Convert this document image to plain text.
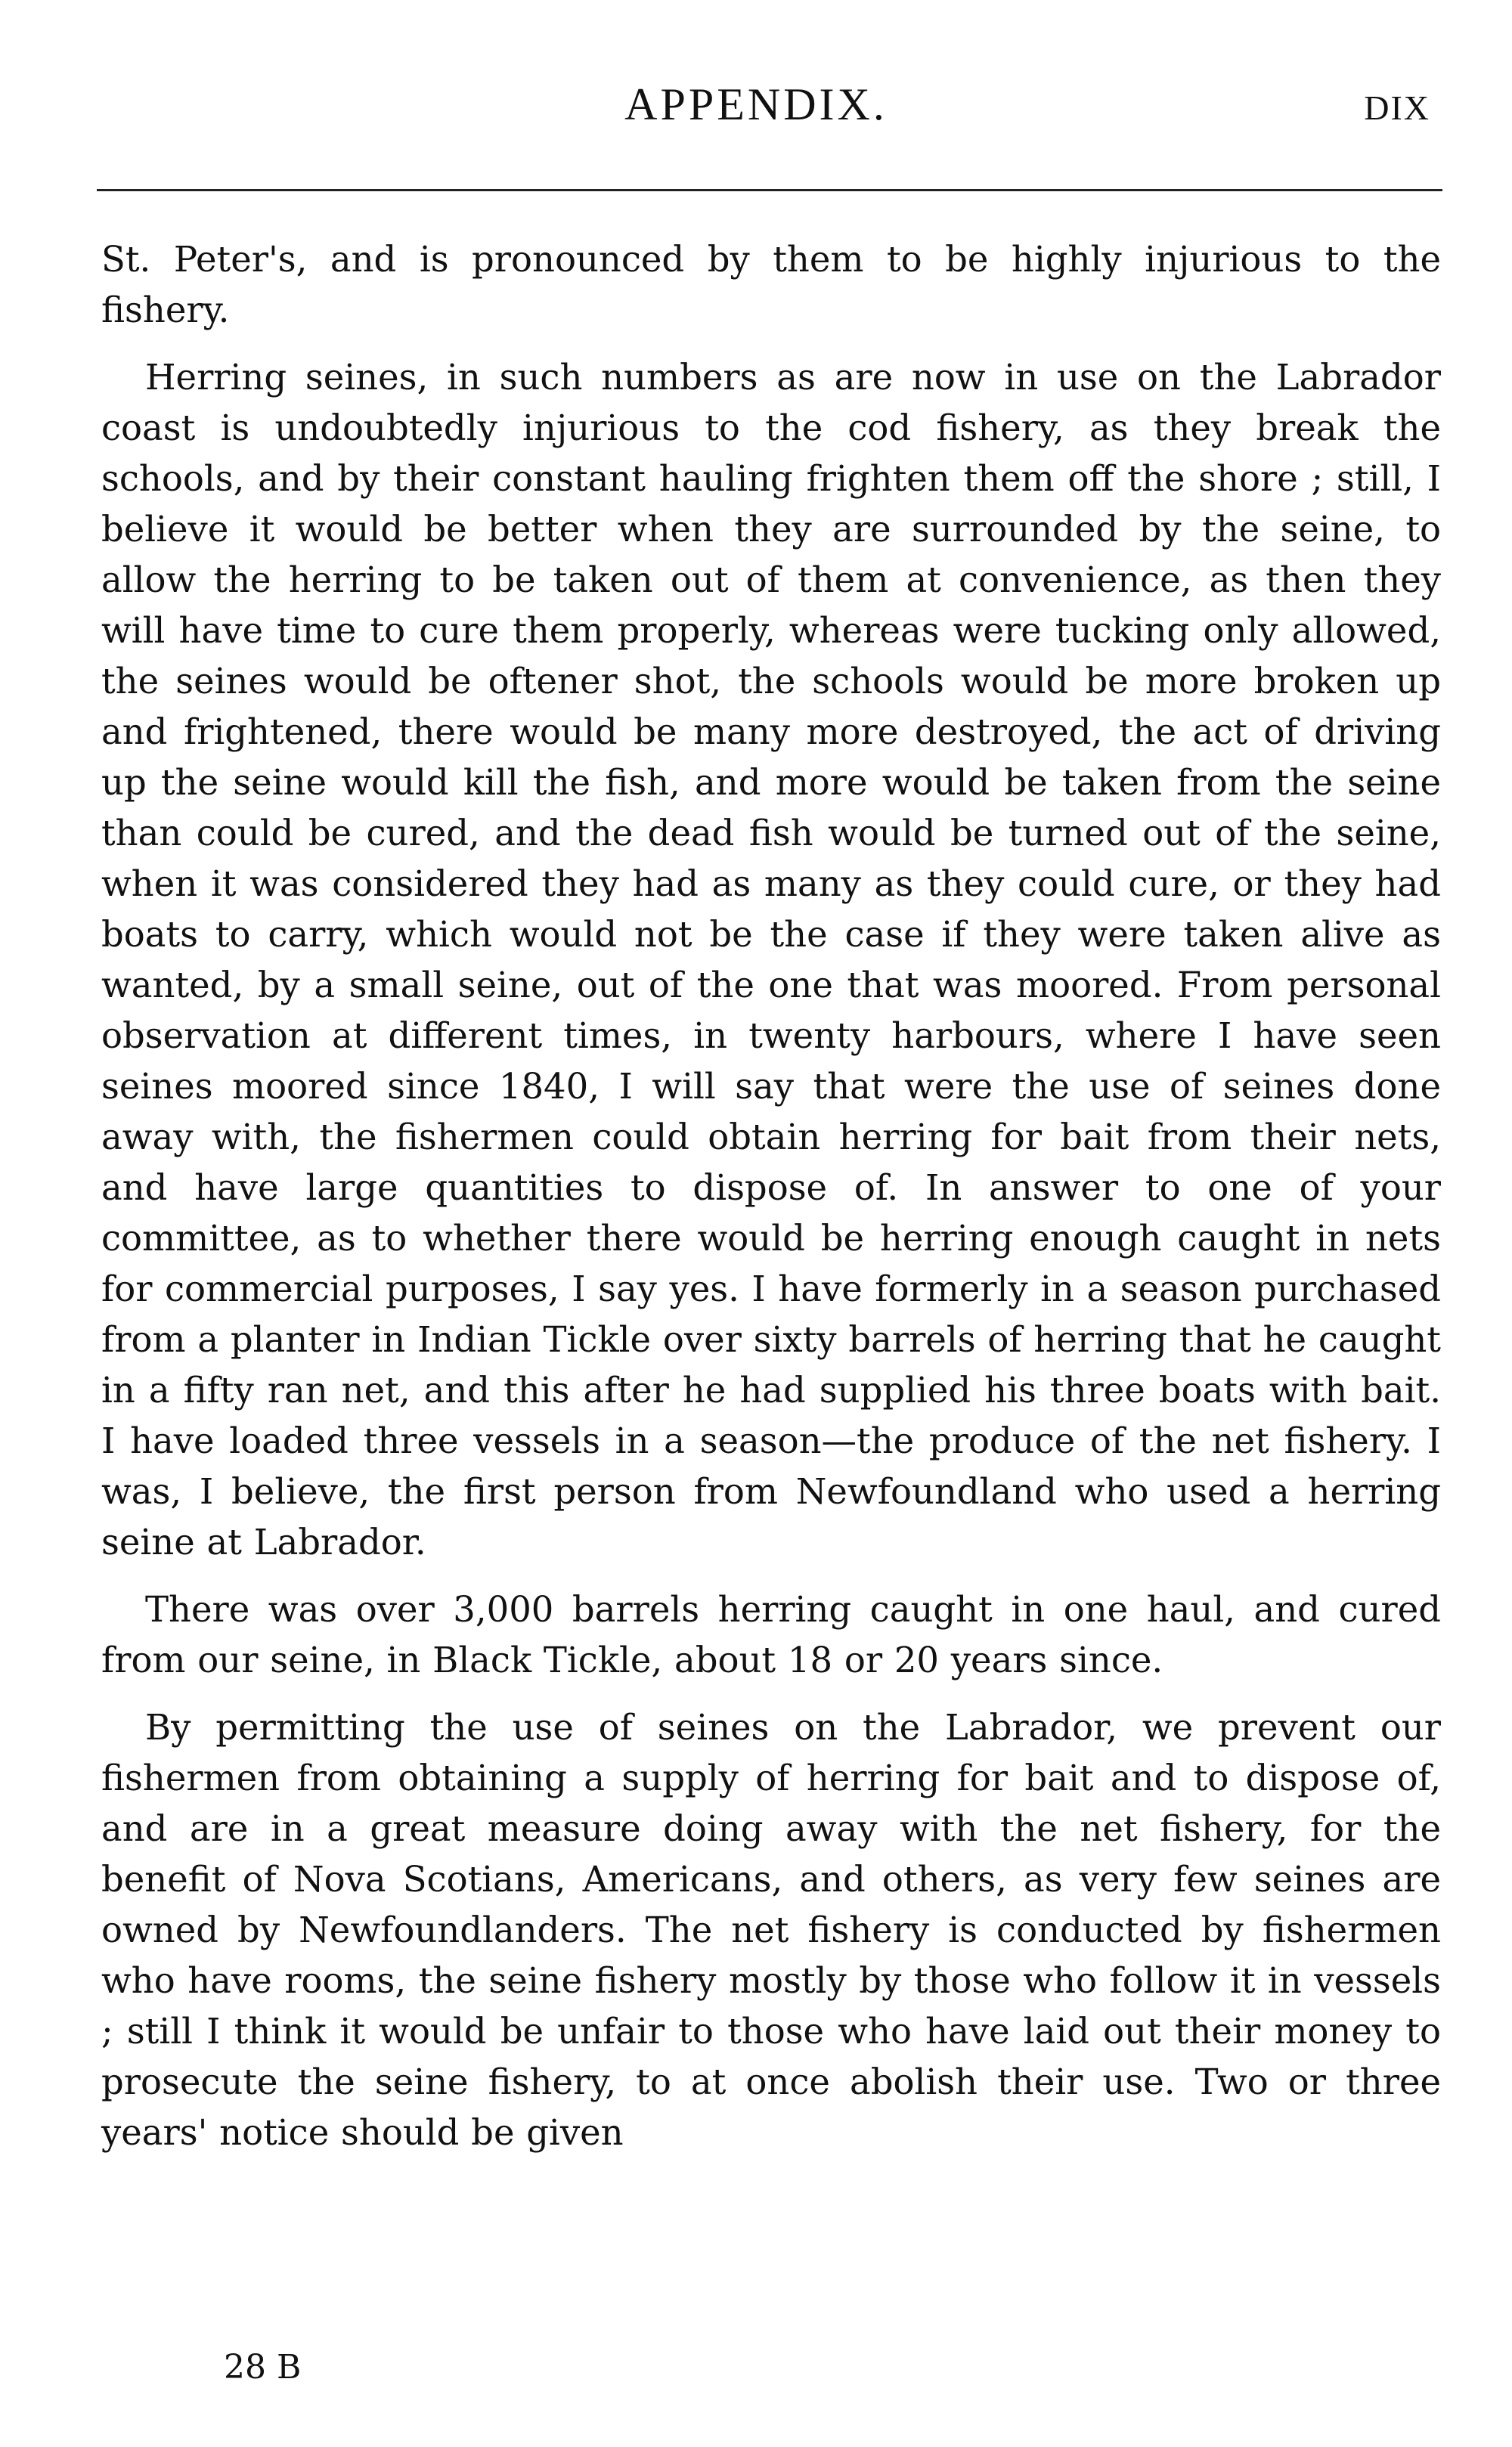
APPENDIX.	DIX

St. Peter's, and is pronounced by them to be highly injurious to the fishery.

Herring seines, in such numbers as are now in use on the Labrador coast is undoubtedly injurious to the cod fishery, as they break the schools, and by their constant hauling frighten them off the shore ; still, I believe it would be better when they are surrounded by the seine, to allow the herring to be taken out of them at convenience, as then they will have time to cure them properly, whereas were tucking only allowed, the seines would be oftener shot, the schools would be more broken up and frightened, there would be many more destroyed, the act of driving up the seine would kill the fish, and more would be taken from the seine than could be cured, and the dead fish would be turned out of the seine, when it was considered they had as many as they could cure, or they had boats to carry, which would not be the case if they were taken alive as wanted, by a small seine, out of the one that was moored. From personal observation at different times, in twenty harbours, where I have seen seines moored since 1840, I will say that were the use of seines done away with, the fishermen could obtain herring for bait from their nets, and have large quantities to dispose of. In answer to one of your committee, as to whether there would be herring enough caught in nets for commercial purposes, I say yes. I have formerly in a season purchased from a planter in Indian Tickle over sixty barrels of herring that he caught in a fifty ran net, and this after he had supplied his three boats with bait. I have loaded three vessels in a season—the produce of the net fishery. I was, I believe, the first person from Newfoundland who used a herring seine at Labrador.

There was over 3,000 barrels herring caught in one haul, and cured from our seine, in Black Tickle, about 18 or 20 years since.

By permitting the use of seines on the Labrador, we prevent our fishermen from obtaining a supply of herring for bait and to dispose of, and are in a great measure doing away with the net fishery, for the benefit of Nova Scotians, Americans, and others, as very few seines are owned by Newfoundlanders. The net fishery is conducted by fishermen who have rooms, the seine fishery mostly by those who follow it in vessels ; still I think it would be unfair to those who have laid out their money to prosecute the seine fishery, to at once abolish their use. Two or three years' notice should be given

28 B
